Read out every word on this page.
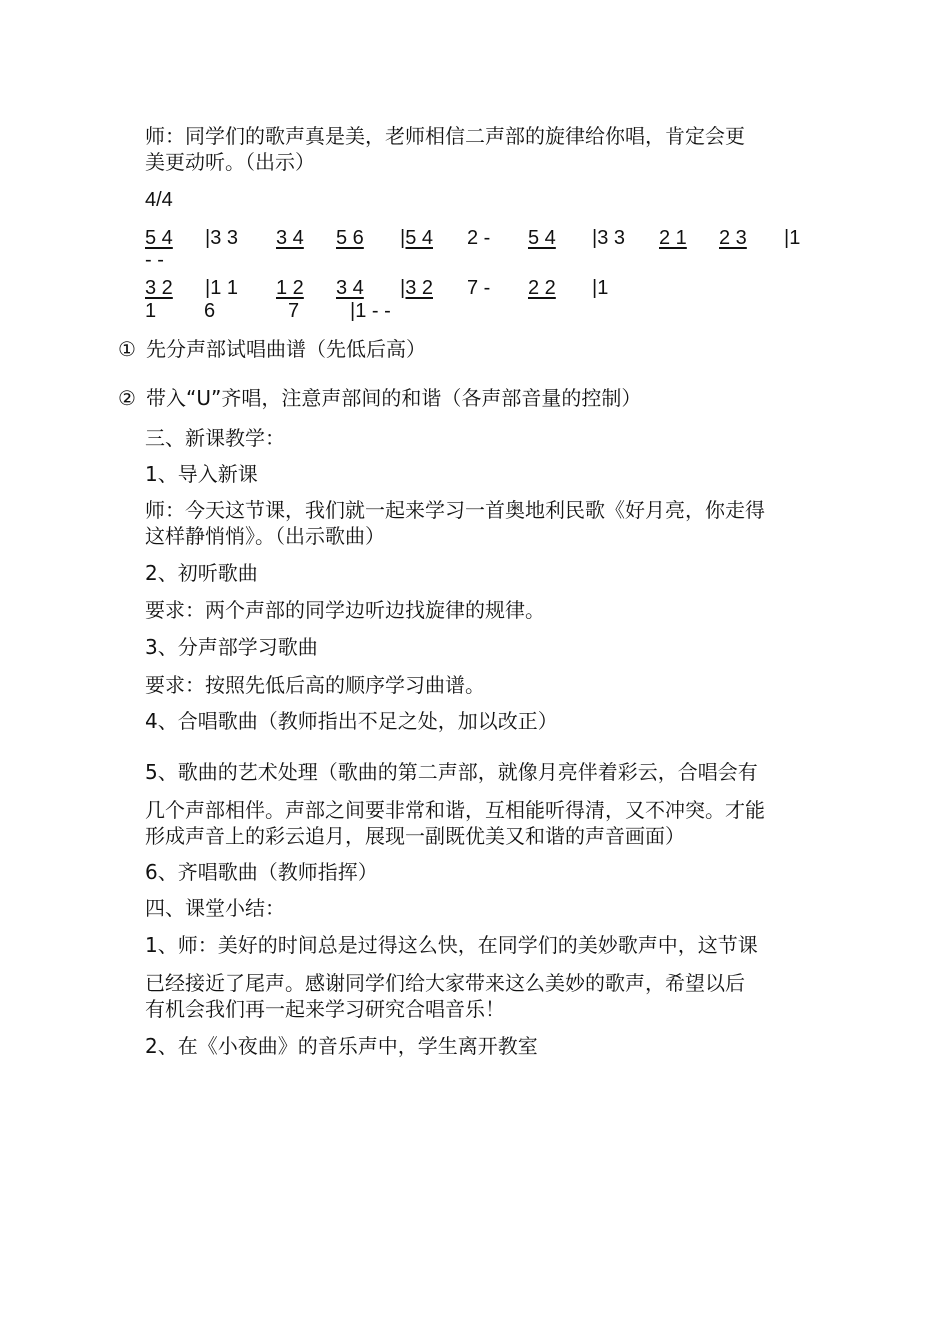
师：同学们的歌声真是美，老师相信二声部的旋律给你唱，肯定会更
美更动听。（出示）
4/4
5 4 |3 3 3 4 5 6 |5 4 2 - 5 4 |3 3 2 1 2 3 |1
- -
3 2 |1 1 1 2 3 4 |3 2 7 - 2 2 |1
1 6	7	|1 - -
① 先分声部试唱曲谱（先低后高）
② 带入“U”齐唱，注意声部间的和谐（各声部音量的控制）
三、新课教学：
1、导入新课
师：今天这节课，我们就一起来学习一首奥地利民歌《好月亮，你走得
这样静悄悄》。（出示歌曲）
2、初听歌曲
要求：两个声部的同学边听边找旋律的规律。
3、分声部学习歌曲
要求：按照先低后高的顺序学习曲谱。
4、合唱歌曲（教师指出不足之处，加以改正）
5、歌曲的艺术处理（歌曲的第二声部，就像月亮伴着彩云，合唱会有
几个声部相伴。声部之间要非常和谐，互相能听得清，又不冲突。才能
形成声音上的彩云追月，展现一副既优美又和谐的声音画面）
6、齐唱歌曲（教师指挥）
四、课堂小结：
1、师：美好的时间总是过得这么快，在同学们的美妙歌声中，这节课
已经接近了尾声。感谢同学们给大家带来这么美妙的歌声，希望以后
有机会我们再一起来学习研究合唱音乐！
2、在《小夜曲》的音乐声中，学生离开教室
